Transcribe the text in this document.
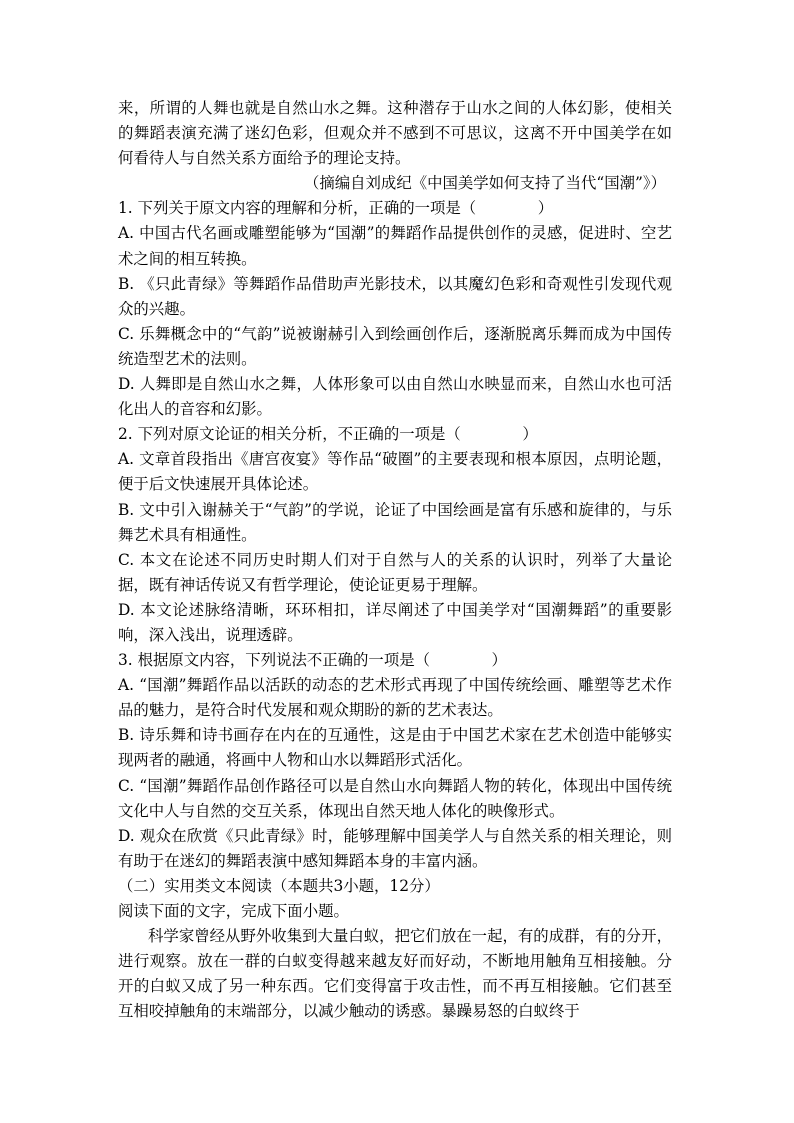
来，所谓的人舞也就是自然山水之舞。这种潜存于山水之间的人体幻影，使相关的舞蹈表演充满了迷幻色彩，但观众并不感到不可思议，这离不开中国美学在如何看待人与自然关系方面给予的理论支持。

（摘编自刘成纪《中国美学如何支持了当代“国潮”》）

1. 下列关于原文内容的理解和分析，正确的一项是（　　　　）

A. 中国古代名画或雕塑能够为“国潮”的舞蹈作品提供创作的灵感，促进时、空艺术之间的相互转换。

B. 《只此青绿》等舞蹈作品借助声光影技术，以其魔幻色彩和奇观性引发现代观众的兴趣。

C. 乐舞概念中的“气韵”说被谢赫引入到绘画创作后，逐渐脱离乐舞而成为中国传统造型艺术的法则。

D. 人舞即是自然山水之舞，人体形象可以由自然山水映显而来，自然山水也可活化出人的音容和幻影。

2. 下列对原文论证的相关分析，不正确的一项是（　　　　）

A. 文章首段指出《唐宫夜宴》等作品“破圈”的主要表现和根本原因，点明论题，便于后文快速展开具体论述。

B. 文中引入谢赫关于“气韵”的学说，论证了中国绘画是富有乐感和旋律的，与乐舞艺术具有相通性。

C. 本文在论述不同历史时期人们对于自然与人的关系的认识时，列举了大量论据，既有神话传说又有哲学理论，使论证更易于理解。

D. 本文论述脉络清晰，环环相扣，详尽阐述了中国美学对“国潮舞蹈”的重要影响，深入浅出，说理透辟。

3. 根据原文内容，下列说法不正确的一项是（　　　　）

A. “国潮”舞蹈作品以活跃的动态的艺术形式再现了中国传统绘画、雕塑等艺术作品的魅力，是符合时代发展和观众期盼的新的艺术表达。

B. 诗乐舞和诗书画存在内在的互通性，这是由于中国艺术家在艺术创造中能够实现两者的融通，将画中人物和山水以舞蹈形式活化。

C. “国潮”舞蹈作品创作路径可以是自然山水向舞蹈人物的转化，体现出中国传统文化中人与自然的交互关系，体现出自然天地人体化的映像形式。

D. 观众在欣赏《只此青绿》时，能够理解中国美学人与自然关系的相关理论，则有助于在迷幻的舞蹈表演中感知舞蹈本身的丰富内涵。

（二）实用类文本阅读（本题共3小题，12分）

阅读下面的文字，完成下面小题。

科学家曾经从野外收集到大量白蚁，把它们放在一起，有的成群，有的分开，进行观察。放在一群的白蚁变得越来越友好而好动，不断地用触角互相接触。分开的白蚁又成了另一种东西。它们变得富于攻击性，而不再互相接触。它们甚至互相咬掉触角的末端部分，以减少触动的诱惑。暴躁易怒的白蚁终于
